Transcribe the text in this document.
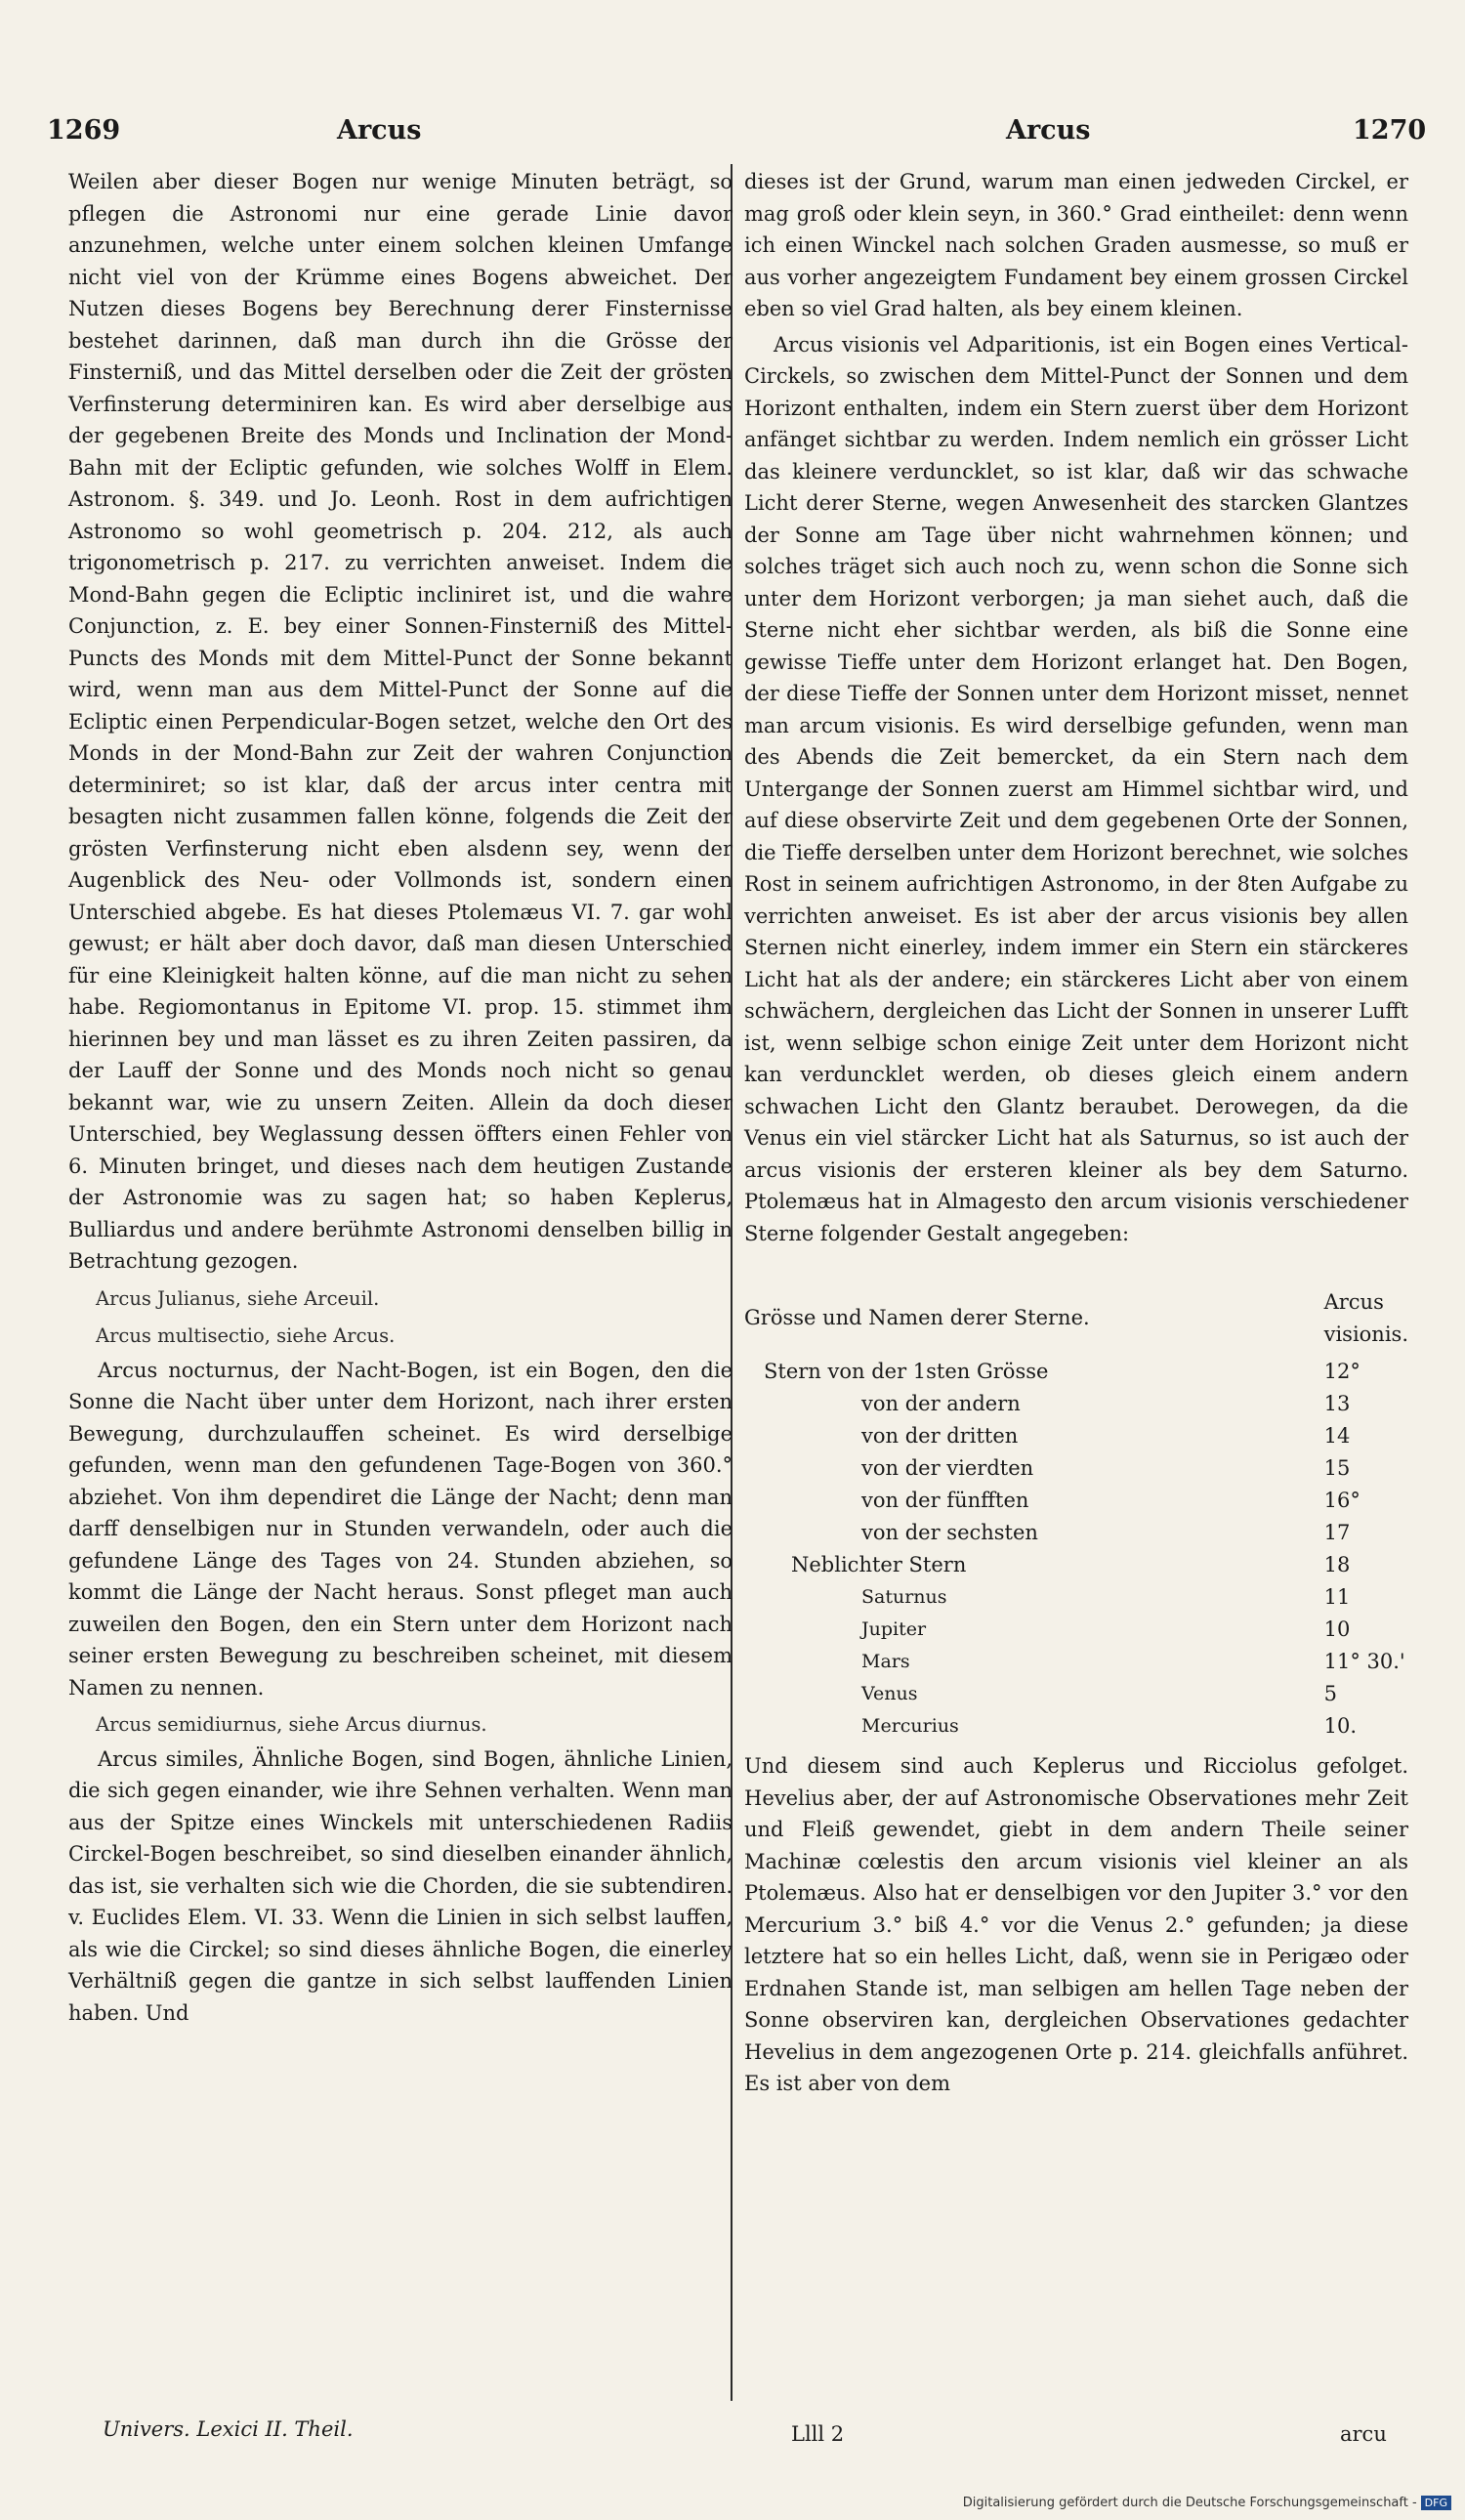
1269	Arcus	Arcus	1270

Weilen aber dieser Bogen nur wenige Minuten beträgt, so pflegen die Astronomi nur eine gerade Linie davor anzunehmen, welche unter einem solchen kleinen Umfange nicht viel von der Krümme eines Bogens abweichet. Der Nutzen dieses Bogens bey Berechnung derer Finsternisse bestehet darinnen, daß man durch ihn die Grösse der Finsterniß, und das Mittel derselben oder die Zeit der grösten Verfinsterung determiniren kan. Es wird aber derselbige aus der gegebenen Breite des Monds und Inclination der Mond-Bahn mit der Ecliptic gefunden, wie solches Wolff in Elem. Astronom. §. 349. und Jo. Leonh. Rost in dem aufrichtigen Astronomo so wohl geometrisch p. 204. 212, als auch trigonometrisch p. 217. zu verrichten anweiset. Indem die Mond-Bahn gegen die Ecliptic incliniret ist, und die wahre Conjunction, z. E. bey einer Sonnen-Finsterniß des Mittel-Puncts des Monds mit dem Mittel-Punct der Sonne bekannt wird, wenn man aus dem Mittel-Punct der Sonne auf die Ecliptic einen Perpendicular-Bogen setzet, welche den Ort des Monds in der Mond-Bahn zur Zeit der wahren Conjunction determiniret; so ist klar, daß der arcus inter centra mit besagten nicht zusammen fallen könne, folgends die Zeit der grösten Verfinsterung nicht eben alsdenn sey, wenn der Augenblick des Neu- oder Vollmonds ist, sondern einen Unterschied abgebe. Es hat dieses Ptolemæus VI. 7. gar wohl gewust; er hält aber doch davor, daß man diesen Unterschied für eine Kleinigkeit halten könne, auf die man nicht zu sehen habe. Regiomontanus in Epitome VI. prop. 15. stimmet ihm hierinnen bey und man lässet es zu ihren Zeiten passiren, da der Lauff der Sonne und des Monds noch nicht so genau bekannt war, wie zu unsern Zeiten. Allein da doch dieser Unterschied, bey Weglassung dessen öffters einen Fehler von 6. Minuten bringet, und dieses nach dem heutigen Zustande der Astronomie was zu sagen hat; so haben Keplerus, Bulliardus und andere berühmte Astronomi denselben billig in Betrachtung gezogen.

Arcus Julianus, siehe Arceuil.

Arcus multisectio, siehe Arcus.

Arcus nocturnus, der Nacht-Bogen, ist ein Bogen, den die Sonne die Nacht über unter dem Horizont, nach ihrer ersten Bewegung, durchzulauffen scheinet. Es wird derselbige gefunden, wenn man den gefundenen Tage-Bogen von 360.° abziehet. Von ihm dependiret die Länge der Nacht; denn man darff denselbigen nur in Stunden verwandeln, oder auch die gefundene Länge des Tages von 24. Stunden abziehen, so kommt die Länge der Nacht heraus. Sonst pfleget man auch zuweilen den Bogen, den ein Stern unter dem Horizont nach seiner ersten Bewegung zu beschreiben scheinet, mit diesem Namen zu nennen.

Arcus semidiurnus, siehe Arcus diurnus.

Arcus similes, Ähnliche Bogen, sind Bogen, ähnliche Linien, die sich gegen einander, wie ihre Sehnen verhalten. Wenn man aus der Spitze eines Winckels mit unterschiedenen Radiis Circkel-Bogen beschreibet, so sind dieselben einander ähnlich, das ist, sie verhalten sich wie die Chorden, die sie subtendiren. v. Euclides Elem. VI. 33. Wenn die Linien in sich selbst lauffen, als wie die Circkel; so sind dieses ähnliche Bogen, die einerley Verhältniß gegen die gantze in sich selbst lauffenden Linien haben. Und

dieses ist der Grund, warum man einen jedweden Circkel, er mag groß oder klein seyn, in 360.° Grad eintheilet: denn wenn ich einen Winckel nach solchen Graden ausmesse, so muß er aus vorher angezeigtem Fundament bey einem grossen Circkel eben so viel Grad halten, als bey einem kleinen.

Arcus visionis vel Adparitionis, ist ein Bogen eines Vertical-Circkels, so zwischen dem Mittel-Punct der Sonnen und dem Horizont enthalten, indem ein Stern zuerst über dem Horizont anfänget sichtbar zu werden. Indem nemlich ein grösser Licht das kleinere verduncklet, so ist klar, daß wir das schwache Licht derer Sterne, wegen Anwesenheit des starcken Glantzes der Sonne am Tage über nicht wahrnehmen können; und solches träget sich auch noch zu, wenn schon die Sonne sich unter dem Horizont verborgen; ja man siehet auch, daß die Sterne nicht eher sichtbar werden, als biß die Sonne eine gewisse Tieffe unter dem Horizont erlanget hat. Den Bogen, der diese Tieffe der Sonnen unter dem Horizont misset, nennet man arcum visionis. Es wird derselbige gefunden, wenn man des Abends die Zeit bemercket, da ein Stern nach dem Untergange der Sonnen zuerst am Himmel sichtbar wird, und auf diese observirte Zeit und dem gegebenen Orte der Sonnen, die Tieffe derselben unter dem Horizont berechnet, wie solches Rost in seinem aufrichtigen Astronomo, in der 8ten Aufgabe zu verrichten anweiset. Es ist aber der arcus visionis bey allen Sternen nicht einerley, indem immer ein Stern ein stärckeres Licht hat als der andere; ein stärckeres Licht aber von einem schwächern, dergleichen das Licht der Sonnen in unserer Lufft ist, wenn selbige schon einige Zeit unter dem Horizont nicht kan verduncklet werden, ob dieses gleich einem andern schwachen Licht den Glantz beraubet. Derowegen, da die Venus ein viel stärcker Licht hat als Saturnus, so ist auch der arcus visionis der ersteren kleiner als bey dem Saturno. Ptolemæus hat in Almagesto den arcum visionis verschiedener Sterne folgender Gestalt angegeben:

Grösse und Namen derer Sterne.	Arcus visionis.
Stern von der 1sten Grösse	12°
von der andern	13
von der dritten	14
von der vierdten	15
von der fünfften	16°
von der sechsten	17
Neblichter Stern	18
Saturnus	11
Jupiter	10
Mars	11° 30.'
Venus	5
Mercurius	10.

Und diesem sind auch Keplerus und Ricciolus gefolget. Hevelius aber, der auf Astronomische Observationes mehr Zeit und Fleiß gewendet, giebt in dem andern Theile seiner Machinæ cœlestis den arcum visionis viel kleiner an als Ptolemæus. Also hat er denselbigen vor den Jupiter 3.° vor den Mercurium 3.° biß 4.° vor die Venus 2.° gefunden; ja diese letztere hat so ein helles Licht, daß, wenn sie in Perigæo oder Erdnahen Stande ist, man selbigen am hellen Tage neben der Sonne observiren kan, dergleichen Observationes gedachter Hevelius in dem angezogenen Orte p. 214. gleichfalls anführet. Es ist aber von dem

Univers. Lexici II. Theil.	Llll 2	arcu
Digitalisierung gefördert durch die Deutsche Forschungsgemeinschaft - DFG
